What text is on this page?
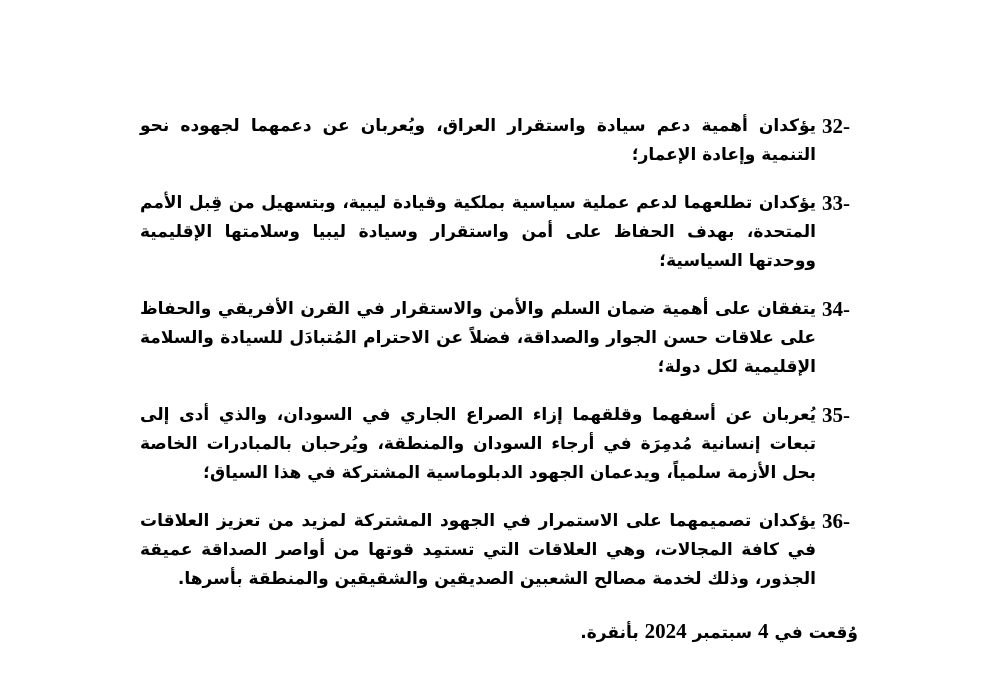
32-
يؤكدان أهمية دعم سيادة واستقرار العراق، ويُعربان عن دعمهما لجهوده نحو التنمية وإعادة الإعمار؛
33-
يؤكدان تطلعهما لدعم عملية سياسية بملكية وقيادة ليبية، وبتسهيل من قِبل الأمم المتحدة، بهدف الحفاظ على أمن واستقرار وسيادة ليبيا وسلامتها الإقليمية ووحدتها السياسية؛
34-
يتفقان على أهمية ضمان السلم والأمن والاستقرار في القرن الأفريقي والحفاظ على علاقات حسن الجوار والصداقة، فضلاً عن الاحترام المُتبادَل للسيادة والسلامة الإقليمية لكل دولة؛
35-
يُعربان عن أسفهما وقلقهما إزاء الصراع الجاري في السودان، والذي أدى إلى تبعات إنسانية مُدمِرَة في أرجاء السودان والمنطقة، ويُرحبان بالمبادرات الخاصة بحل الأزمة سلمياً، ويدعمان الجهود الدبلوماسية المشتركة في هذا السياق؛
36-
يؤكدان تصميمهما على الاستمرار في الجهود المشتركة لمزيد من تعزيز العلاقات في كافة المجالات، وهي العلاقات التي تستمِد قوتها من أواصر الصداقة عميقة الجذور، وذلك لخدمة مصالح الشعبين الصديقين والشقيقين والمنطقة بأسرها.
وُقعت في 4 سبتمبر 2024 بأنقرة.
